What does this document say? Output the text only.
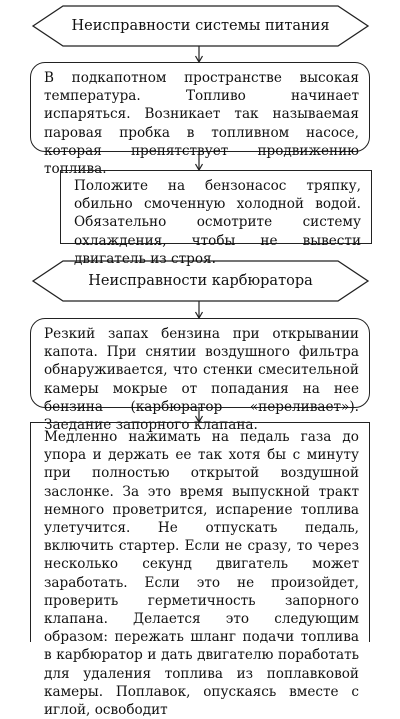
Неисправности системы питания
В подкапотном пространстве высокая температура. Топливо начинает испаряться. Возникает так называемая паровая пробка в топливном насосе, которая препятствует продвижению топлива.
Положите на бензонасос тряпку, обильно смоченную холодной водой. Обязательно осмотрите систему охлаждения, чтобы не вывести двигатель из строя.
Неисправности карбюратора
Резкий запах бензина при открывании капота. При снятии воздушного фильтра обнаруживается, что стенки смесительной камеры мокрые от попадания на нее бензина (карбюратор «переливает»). Заедание запорного клапана.
Медленно нажимать на педаль газа до упора и держать ее так хотя бы с минуту при полностью открытой воздушной заслонке. За это время выпускной тракт немного проветрится, испарение топлива улетучится. Не отпускать педаль, включить стартер. Если не сразу, то через несколько секунд двигатель может заработать. Если это не произойдет, проверить герметичность запорного клапана. Делается это следующим образом: пережать шланг подачи топлива в карбюратор и дать двигателю поработать для удаления топлива из поплавковой камеры. Поплавок, опускаясь вместе с иглой, освободит
